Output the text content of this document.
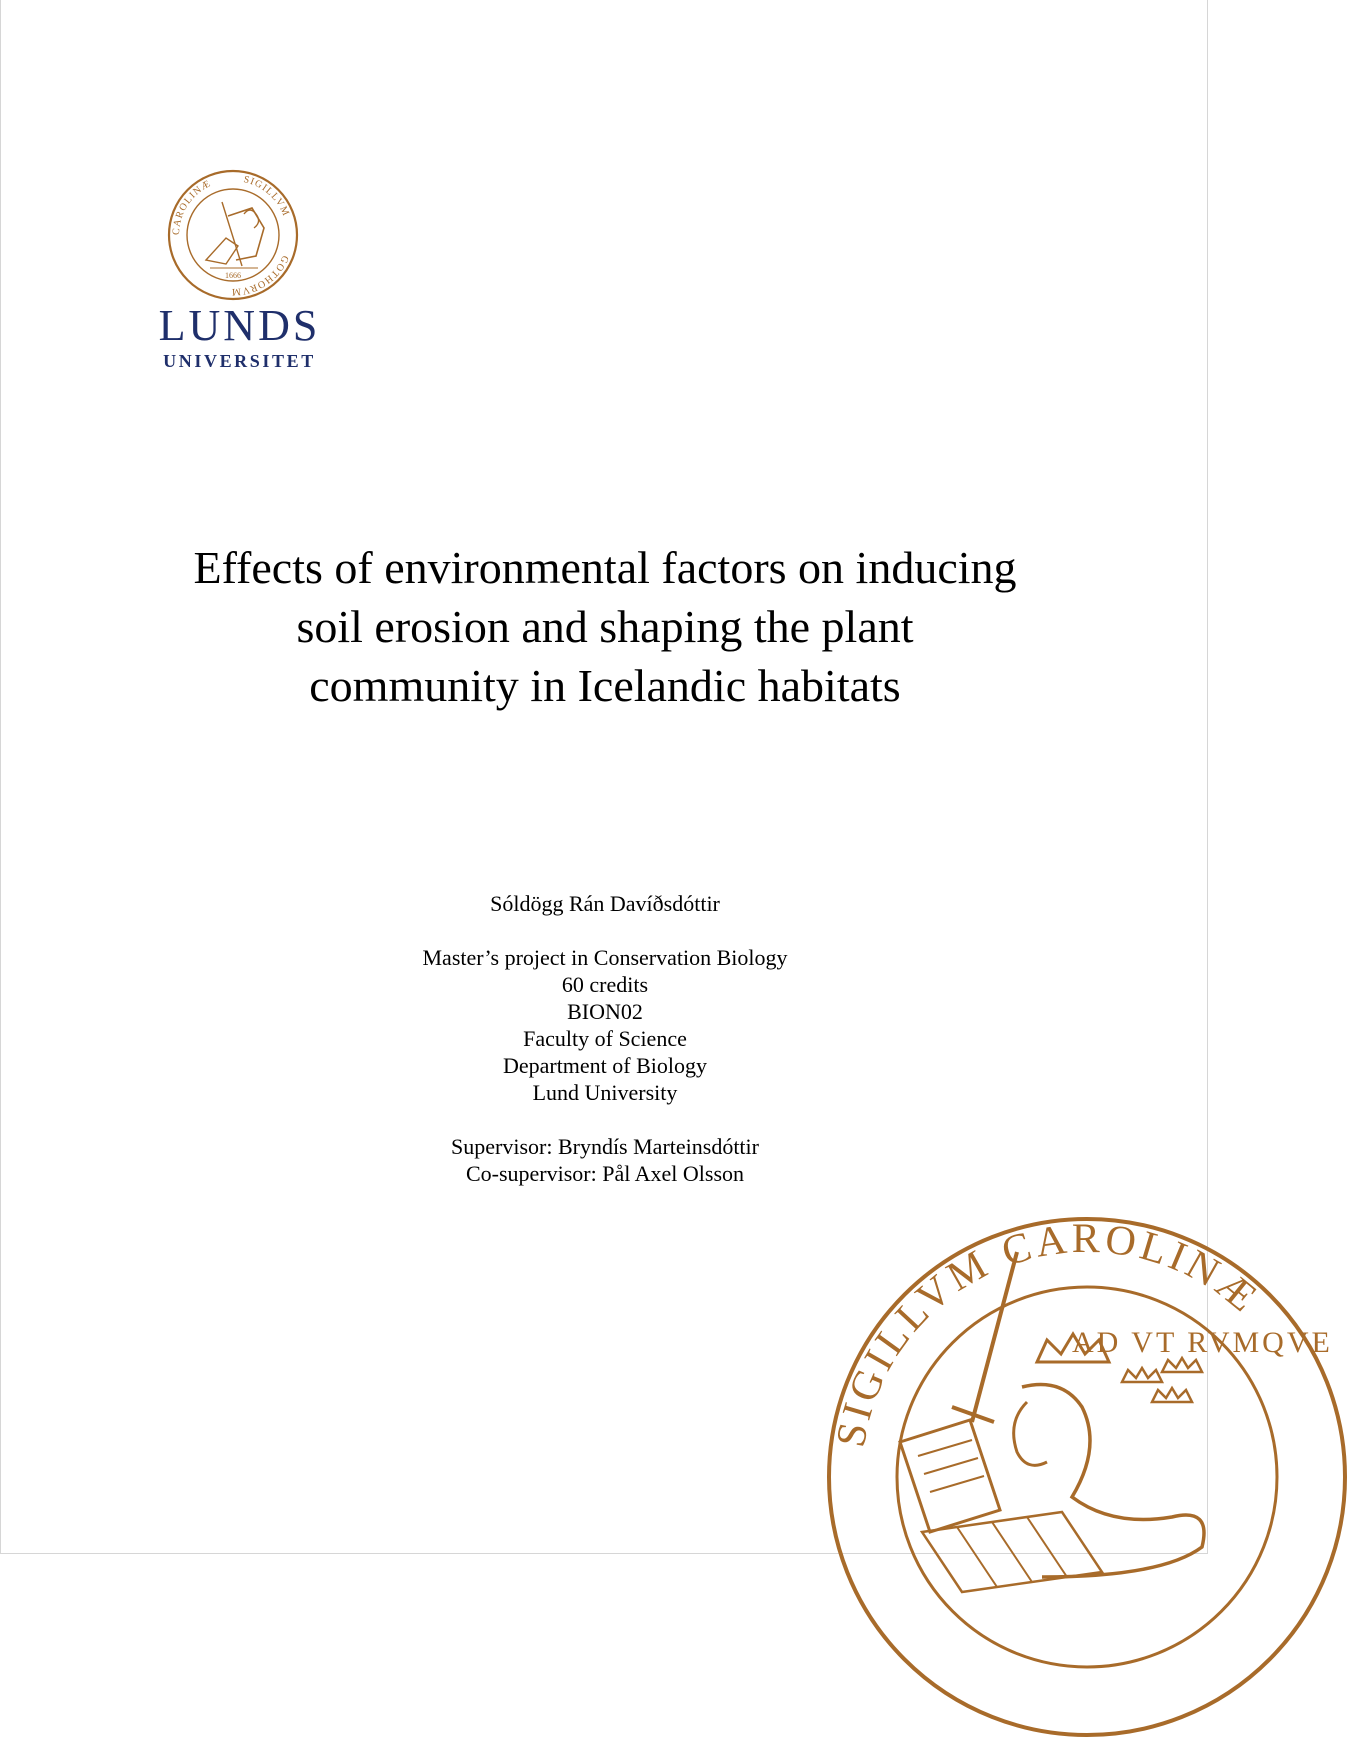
CAROLINÆ	SIGILLVM
GOTHORVM
1666
LUNDS
UNIVERSITET
Effects of environmental factors on inducing
soil erosion and shaping the plant
community in Icelandic habitats
Sóldögg Rán Davíðsdóttir
Master’s project in Conservation Biology
60 credits
BION02
Faculty of Science
Department of Biology
Lund University
Supervisor: Bryndís Marteinsdóttir
Co-supervisor: Pål Axel Olsson
SIGILLVM CAROLINÆ
AD VT RVMQVE
